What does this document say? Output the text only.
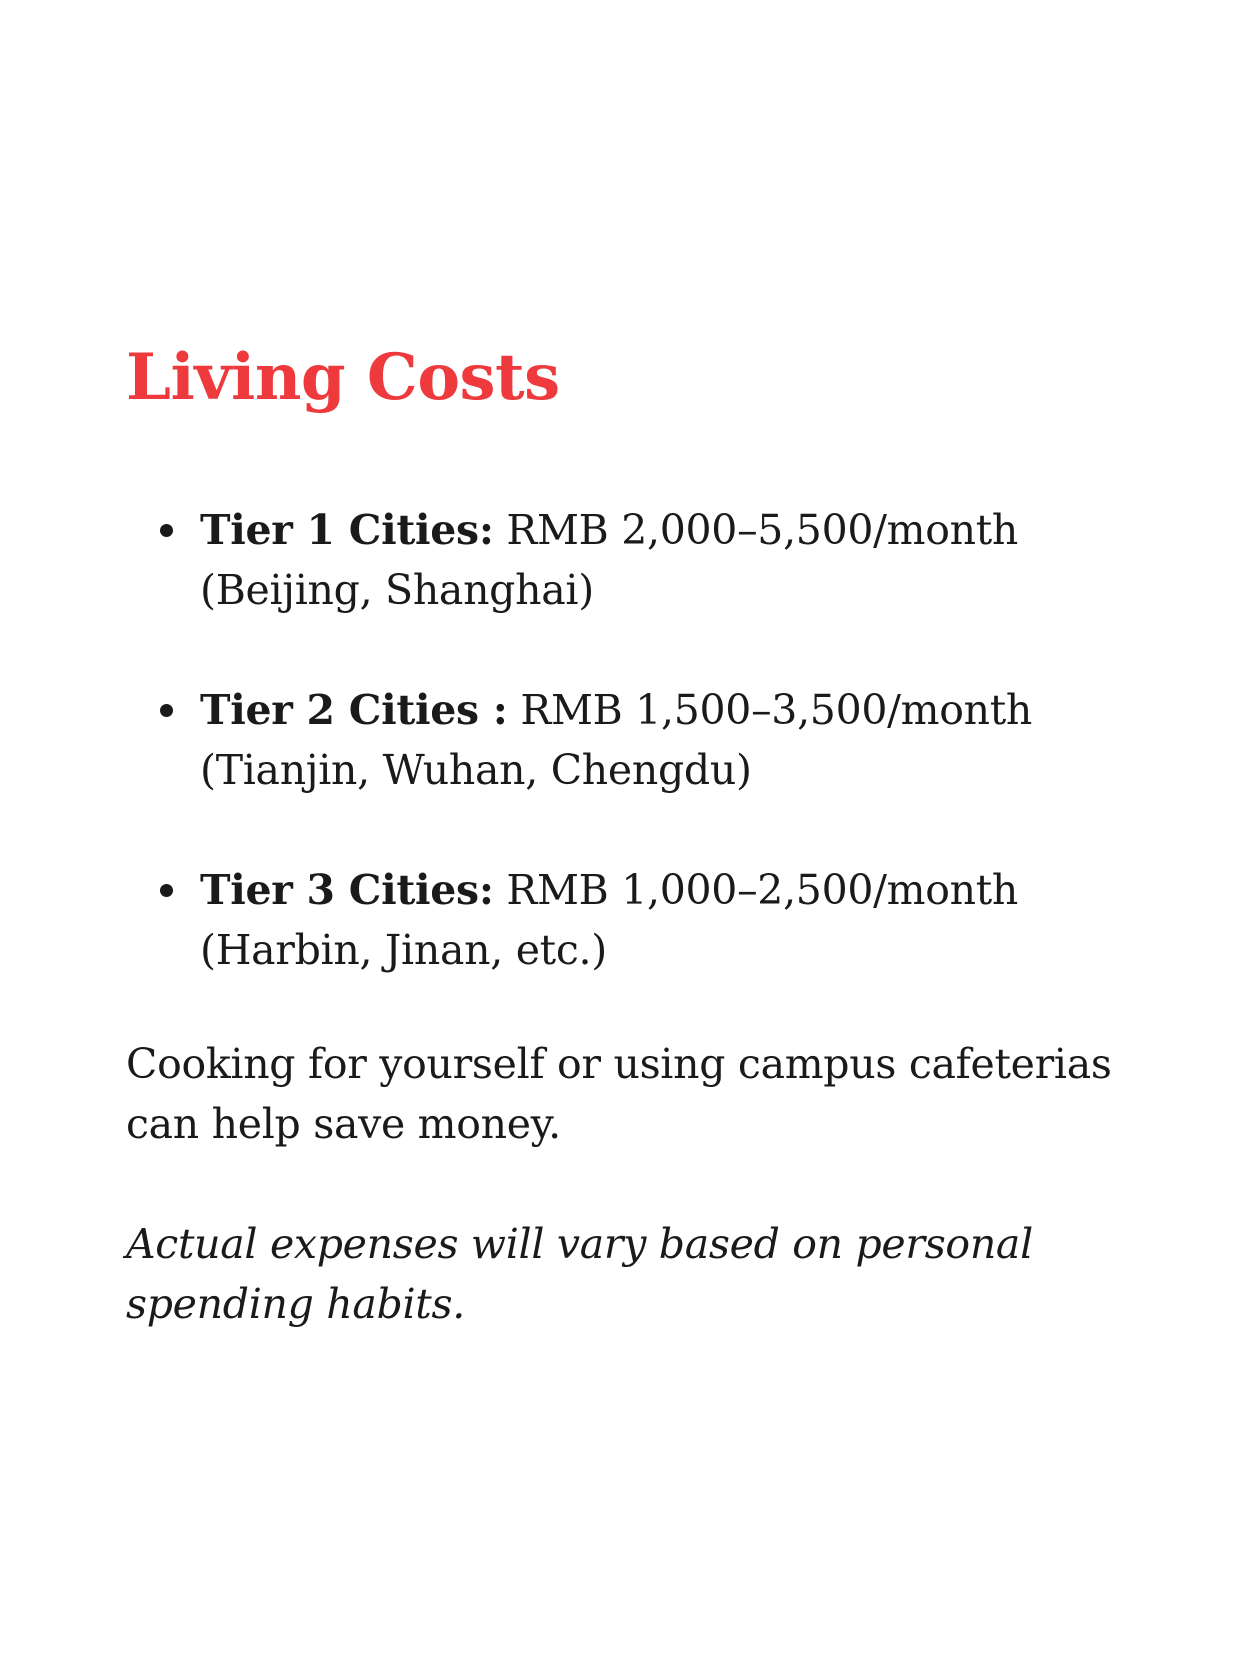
Living Costs
Tier 1 Cities: RMB 2,000–5,500/month
(Beijing, Shanghai)
Tier 2 Cities : RMB 1,500–3,500/month
(Tianjin, Wuhan, Chengdu)
Tier 3 Cities: RMB 1,000–2,500/month
(Harbin, Jinan, etc.)

Cooking for yourself or using campus cafeterias
can help save money.

Actual expenses will vary based on personal
spending habits.
